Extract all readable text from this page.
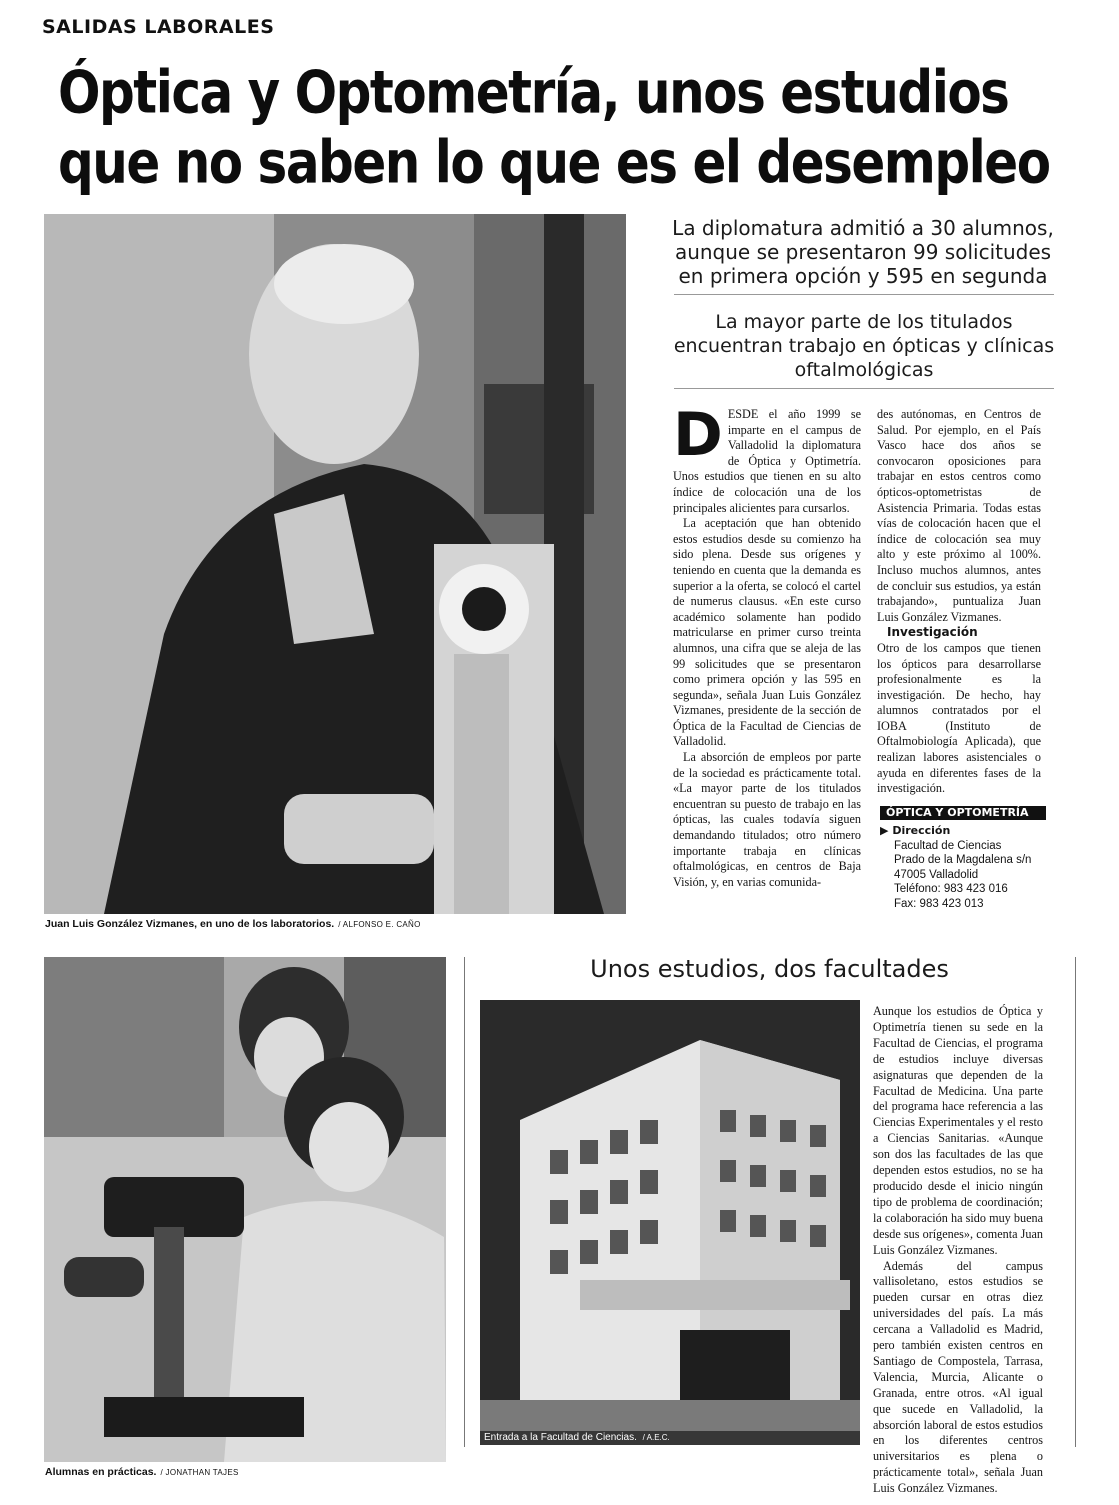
SALIDAS LABORALES
Óptica y Optometría, unos estudios
que no saben lo que es el desempleo
Juan Luis González Vizmanes, en uno de los laboratorios. / ALFONSO E. CAÑO
La diplomatura admitió a 30 alumnos,
aunque se presentaron 99 solicitudes
en primera opción y 595 en segunda
La mayor parte de los titulados
encuentran trabajo en ópticas y clínicas
oftalmológicas

DESDE el año 1999 se imparte en el campus de Valladolid la diplomatura de Óptica y Optimetría. Unos estudios que tienen en su alto índice de colocación una de los principales alicientes para cursarlos.

La aceptación que han obtenido estos estudios desde su comienzo ha sido plena. Desde sus orígenes y teniendo en cuenta que la demanda es superior a la oferta, se colocó el cartel de numerus clausus. «En este curso académico solamente han podido matricularse en primer curso treinta alumnos, una cifra que se aleja de las 99 solicitudes que se presentaron como primera opción y las 595 en segunda», señala Juan Luis González Vizmanes, presidente de la sección de Óptica de la Facultad de Ciencias de Valladolid.

La absorción de empleos por parte de la sociedad es prácticamente total. «La mayor parte de los titulados encuentran su puesto de trabajo en las ópticas, las cuales todavía siguen demandando titulados; otro número importante trabaja en clínicas oftalmológicas, en centros de Baja Visión, y, en varias comunida-

des autónomas, en Centros de Salud. Por ejemplo, en el País Vasco hace dos años se convocaron oposiciones para trabajar en estos centros como ópticos-optometristas de Asistencia Primaria. Todas estas vías de colocación hacen que el índice de colocación sea muy alto y este próximo al 100%. Incluso muchos alumnos, antes de concluir sus estudios, ya están trabajando», puntualiza Juan Luis González Vizmanes.

Investigación

Otro de los campos que tienen los ópticos para desarrollarse profesionalmente es la investigación. De hecho, hay alumnos contratados por el IOBA (Instituto de Oftalmobiología Aplicada), que realizan labores asistenciales o ayuda en diferentes fases de la investigación.

ÓPTICA Y OPTOMETRÍA
▶ Dirección
Facultad de Ciencias
Prado de la Magdalena s/n
47005 Valladolid
Teléfono: 983 423 016
Fax: 983 423 013
Alumnas en prácticas. / JONATHAN TAJES
Unos estudios, dos facultades
Entrada a la Facultad de Ciencias. / A.E.C.

Aunque los estudios de Óptica y Optimetría tienen su sede en la Facultad de Ciencias, el programa de estudios incluye diversas asignaturas que dependen de la Facultad de Medicina. Una parte del programa hace referencia a las Ciencias Experimentales y el resto a Ciencias Sanitarias. «Aunque son dos las facultades de las que dependen estos estudios, no se ha producido desde el inicio ningún tipo de problema de coordinación; la colaboración ha sido muy buena desde sus orígenes», comenta Juan Luis González Vizmanes.

Además del campus vallisoletano, estos estudios se pueden cursar en otras diez universidades del país. La más cercana a Valladolid es Madrid, pero también existen centros en Santiago de Compostela, Tarrasa, Valencia, Murcia, Alicante o Granada, entre otros. «Al igual que sucede en Valladolid, la absorción laboral de estos estudios en los diferentes centros universitarios es plena o prácticamente total», señala Juan Luis González Vizmanes.
